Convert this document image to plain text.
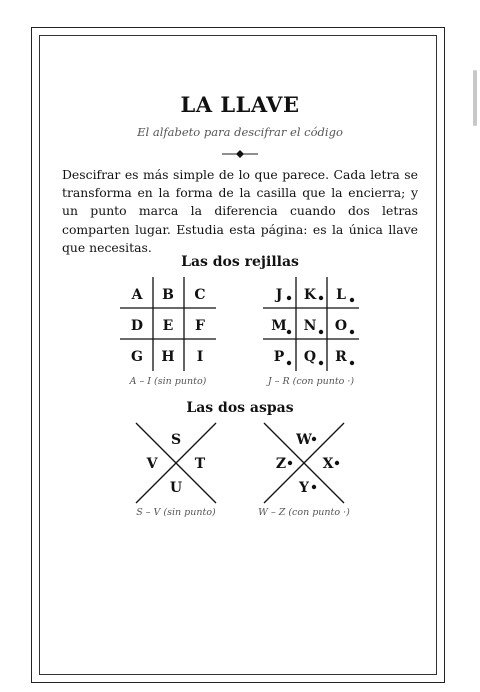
LA LLAVE

El alfabeto para descifrar el código

Descifrar es más simple de lo que parece. Cada letra se transforma en la forma de la casilla que la encierra; y un punto marca la diferencia cuando dos letras comparten lugar. Estudia esta página: es la única llave que necesitas.

Las dos rejillas
A B C
D E F
G H I

A – I (sin punto)

J K L
M N O
P Q R

J – R (con punto ·)

Las dos aspas
S
V	T
U

S – V (sin punto)

W
Z	X
Y

W – Z (con punto ·)
